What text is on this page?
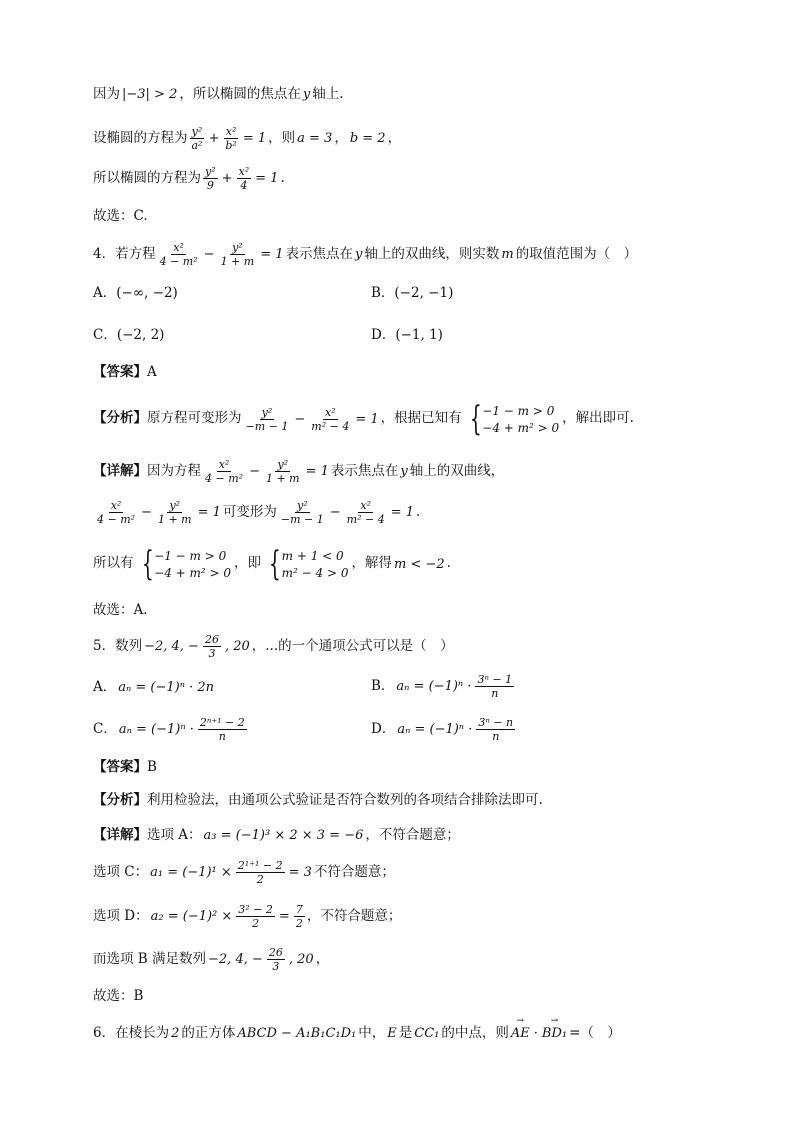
因为 |−3| > 2 ，所以椭圆的焦点在 y 轴上.
设椭圆的方程为 $\frac{\text{y²}}{\text{a²}} + \frac{\text{x²}}{\text{b²}} = 1$ ，则 a = 3 ， b = 2 ，
所以椭圆的方程为 $\frac{\text{y²}}{9} + \frac{\text{x²}}{4} = 1$ .
故选：C.
4．若方程 $\frac{\text{x²}}{\text{4 − m²}} - \frac{\text{y²}}{1 + m} = 1$ 表示焦点在 y 轴上的双曲线，则实数 m 的取值范围为（　）
A．(−∞, −2)	B．(−2, −1)
C．(−2, 2)	D．(−1, 1)
【答案】 A
【分析】 原方程可变形为 $\frac{\text{y²}}{-m - 1} - \frac{\text{x²}}{\text{m² − 4}} = 1$ ，根据已知有 { −1 − m > 0
−4 + m² > 0
，解出即可.
【详解】 因为方程 $\frac{\text{x²}}{\text{4 − m²}} - \frac{\text{y²}}{1 + m} = 1$ 表示焦点在 y 轴上的双曲线，
$\frac{\text{x²}}{\text{4 − m²}} - \frac{\text{y²}}{1 + m} = 1$ 可变形为 $\frac{\text{y²}}{-m - 1} - \frac{\text{x²}}{\text{m² − 4}} = 1$ .
所以有 { −1 − m > 0
−4 + m² > 0
，即 { m + 1 < 0
m² − 4 > 0
，解得 m < −2 .
故选：A.
5．数列 −2, 4, − $\frac{26}{3}$ , 20 ，...的一个通项公式可以是（　）
A． aₙ = (−1)ⁿ · 2n	B． $a_n = (-1)^n \cdot \frac{\text{3ⁿ − 1}}{n}$
C． $a_n = (-1)^n \cdot \frac{\text{2ⁿ⁺¹ − 2}}{n}$	D． $a_n = (-1)^n \cdot \frac{\text{3ⁿ − n}}{n}$
【答案】 B
【分析】 利用检验法，由通项公式验证是否符合数列的各项结合排除法即可.
【详解】 选项 A： a₃ = (−1)³ × 2 × 3 = −6 ，不符合题意；
选项 C： $a_1 = (-1)^1 \times \frac{\text{2¹⁺¹ − 2}}{2} = 3$ 不符合题意；
选项 D： $a_2 = (-1)^2 \times \frac{\text{3² − 2}}{2} = \frac{7}{2}$ ，不符合题意；
而选项 B 满足数列 −2, 4, − $\frac{26}{3}$ , 20 ，
故选：B
6．在棱长为 2 的正方体 ABCD − A₁B₁C₁D₁ 中， E 是 CC₁ 的中点，则 → AE · → BD₁ =（　）
